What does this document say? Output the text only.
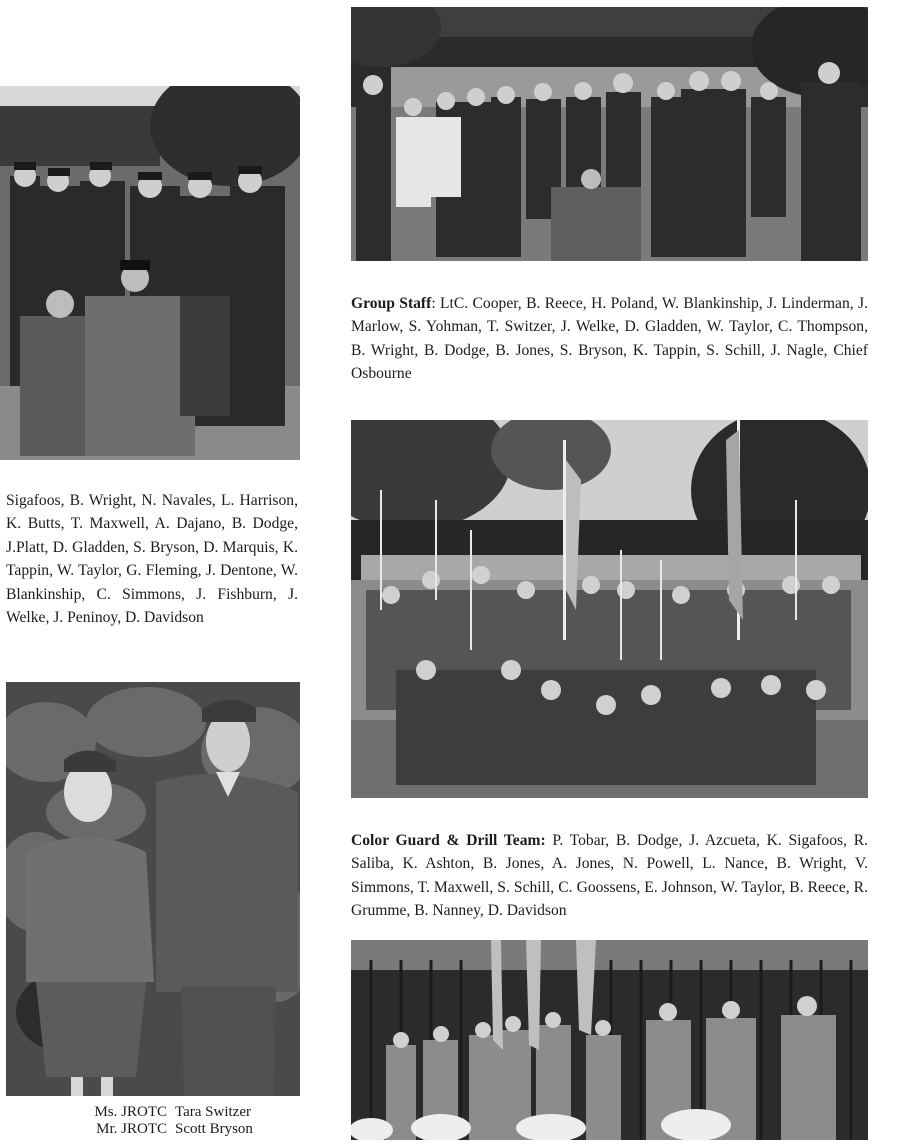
Sigafoos, B. Wright, N. Navales, L. Harrison, K. Butts, T. Maxwell, A. Dajano, B. Dodge, J.Platt, D. Gladden, S. Bryson, D. Marquis, K. Tappin, W. Taylor, G. Fleming, J. Dentone, W. Blankinship, C. Simmons, J. Fishburn, J. Welke, J. Peninoy, D. Davidson
Group Staff: LtC. Cooper, B. Reece, H. Poland, W. Blankinship, J. Linderman, J. Marlow, S. Yohman, T. Switzer, J. Welke, D. Gladden, W. Taylor, C. Thompson, B. Wright, B. Dodge, B. Jones, S. Bryson, K. Tappin, S. Schill, J. Nagle, Chief Osbourne
Color Guard & Drill Team: P. Tobar, B. Dodge, J. Azcueta, K. Sigafoos, R. Saliba, K. Ashton, B. Jones, A. Jones, N. Powell, L. Nance, B. Wright, V. Simmons, T. Maxwell, S. Schill, C. Goossens, E. Johnson, W. Taylor, B. Reece, R. Grumme, B. Nanney, D. Davidson
Ms. JROTC Tara Switzer
Mr. JROTC Scott Bryson
